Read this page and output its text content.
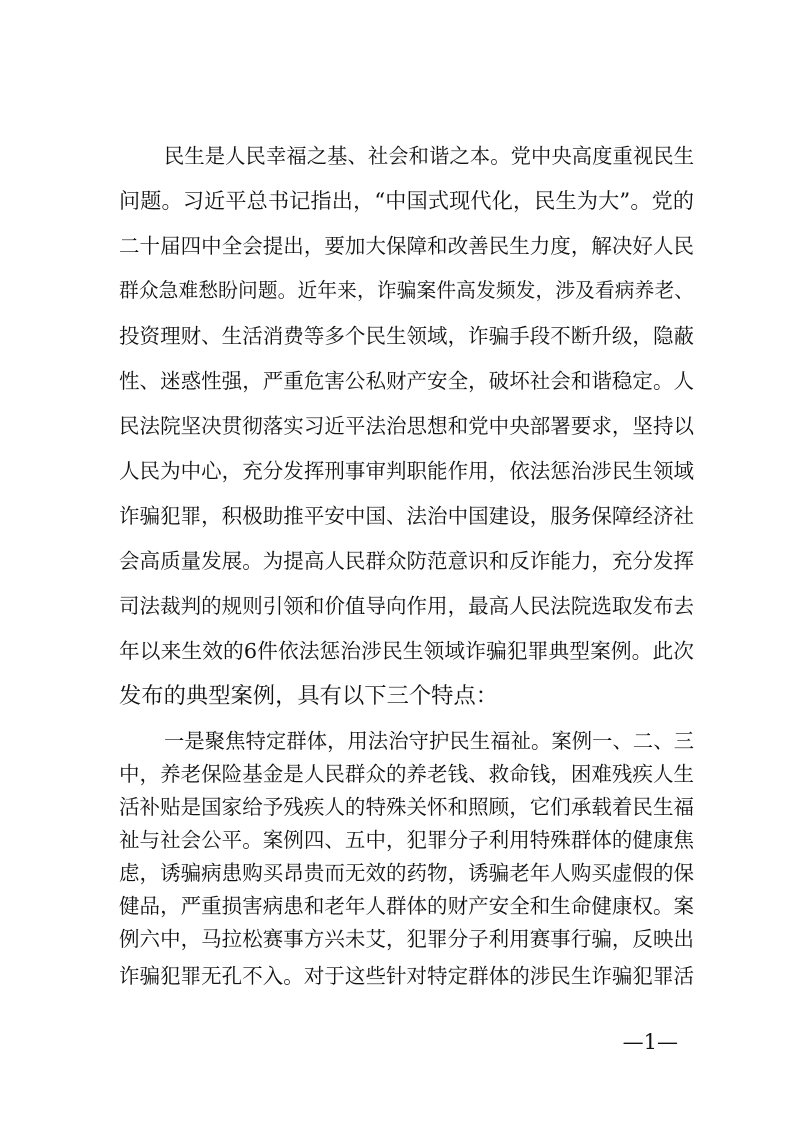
民生是人民幸福之基、社会和谐之本。党中央高度重视民生
问题。习近平总书记指出，“中国式现代化，民生为大”。党的
二十届四中全会提出，要加大保障和改善民生力度，解决好人民
群众急难愁盼问题。近年来，诈骗案件高发频发，涉及看病养老、
投资理财、生活消费等多个民生领域，诈骗手段不断升级，隐蔽
性、迷惑性强，严重危害公私财产安全，破坏社会和谐稳定。人
民法院坚决贯彻落实习近平法治思想和党中央部署要求，坚持以
人民为中心，充分发挥刑事审判职能作用，依法惩治涉民生领域
诈骗犯罪，积极助推平安中国、法治中国建设，服务保障经济社
会高质量发展。为提高人民群众防范意识和反诈能力，充分发挥
司法裁判的规则引领和价值导向作用，最高人民法院选取发布去
年以来生效的6件依法惩治涉民生领域诈骗犯罪典型案例。此次
发布的典型案例，具有以下三个特点：
一是聚焦特定群体，用法治守护民生福祉。案例一、二、三
中，养老保险基金是人民群众的养老钱、救命钱，困难残疾人生
活补贴是国家给予残疾人的特殊关怀和照顾，它们承载着民生福
祉与社会公平。案例四、五中，犯罪分子利用特殊群体的健康焦
虑，诱骗病患购买昂贵而无效的药物，诱骗老年人购买虚假的保
健品，严重损害病患和老年人群体的财产安全和生命健康权。案
例六中，马拉松赛事方兴未艾，犯罪分子利用赛事行骗，反映出
—1—
诈骗犯罪无孔不入。对于这些针对特定群体的涉民生诈骗犯罪活
